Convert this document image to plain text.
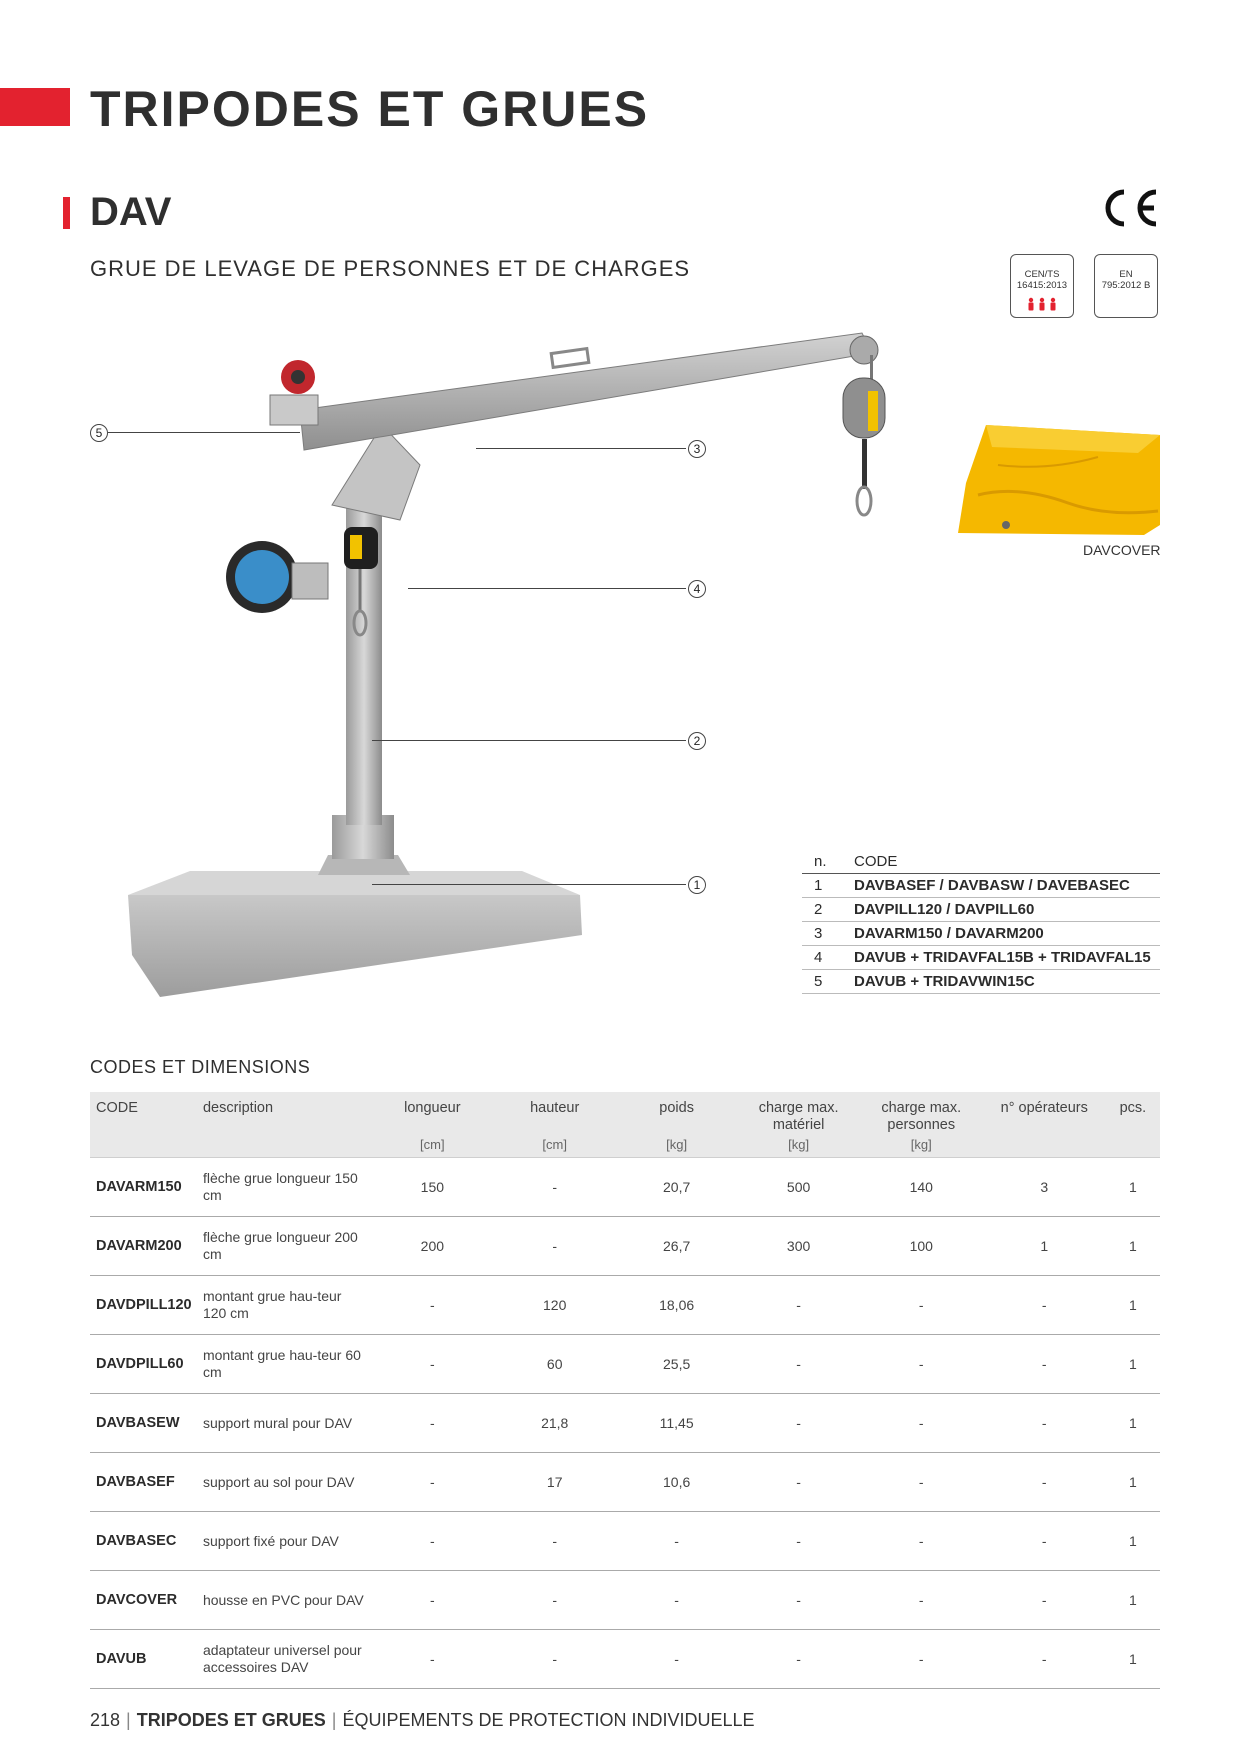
TRIPODES ET GRUES
DAV
GRUE DE LEVAGE DE PERSONNES ET DE CHARGES	CEN/TS
16415:2013
EN
795:2012 B
DAVCOVER
5
3
4
2
1
n.	CODE
1	DAVBASEF / DAVBASW / DAVEBASEC
2	DAVPILL120 / DAVPILL60
3	DAVARM150 / DAVARM200
4	DAVUB + TRIDAVFAL15B + TRIDAVFAL15
5	DAVUB + TRIDAVWIN15C
CODES ET DIMENSIONS
CODE	description	longueur	hauteur	poids	charge max. matériel	charge max. personnes	n° opérateurs	pcs.
		[cm]	[cm]	[kg]	[kg]	[kg]		
DAVARM150	flèche grue longueur 150 cm	150	-	20,7	500	140	3	1
DAVARM200	flèche grue longueur 200 cm	200	-	26,7	300	100	1	1
DAVDPILL120	montant grue hau-teur 120 cm	-	120	18,06	-	-	-	1
DAVDPILL60	montant grue hau-teur 60 cm	-	60	25,5	-	-	-	1
DAVBASEW	support mural pour DAV	-	21,8	11,45	-	-	-	1
DAVBASEF	support au sol pour DAV	-	17	10,6	-	-	-	1
DAVBASEC	support fixé pour DAV	-	-	-	-	-	-	1
DAVCOVER	housse en PVC pour DAV	-	-	-	-	-	-	1
DAVUB	adaptateur universel pour accessoires DAV	-	-	-	-	-	-	1
218 | TRIPODES ET GRUES | ÉQUIPEMENTS DE PROTECTION INDIVIDUELLE
